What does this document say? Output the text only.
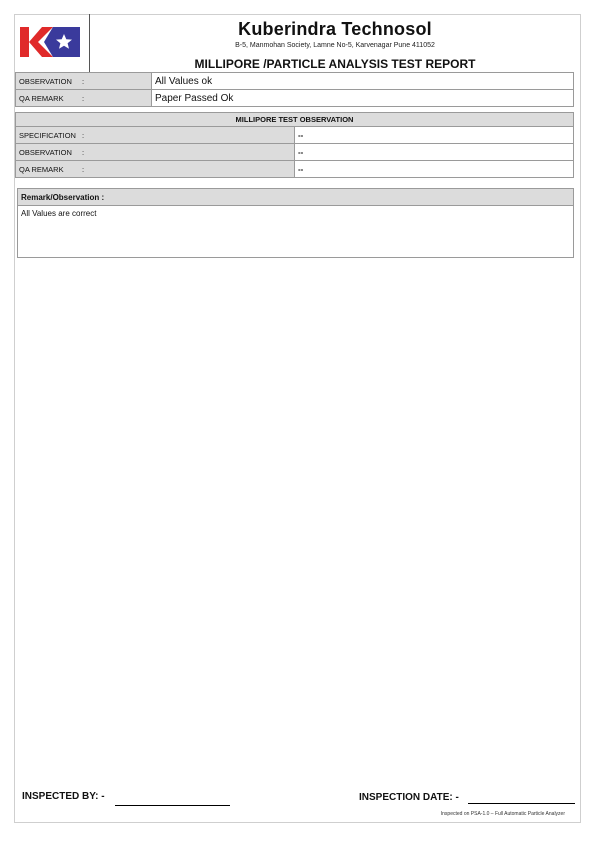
Kuberindra Technosol
B-5, Manmohan Society, Lamne No-5, Karvenagar Pune 411052
MILLIPORE /PARTICLE ANALYSIS TEST REPORT
OBSERVATION :	All Values ok
QA REMARK :	Paper Passed Ok
MILLIPORE TEST OBSERVATION	
SPECIFICATION :	--
OBSERVATION :	--
QA REMARK :	--
Remark/Observation :
All Values are correct
INSPECTED BY: -	INSPECTION DATE: -
Inspected on PSA-1.0 – Full Automatic Particle Analyzer
